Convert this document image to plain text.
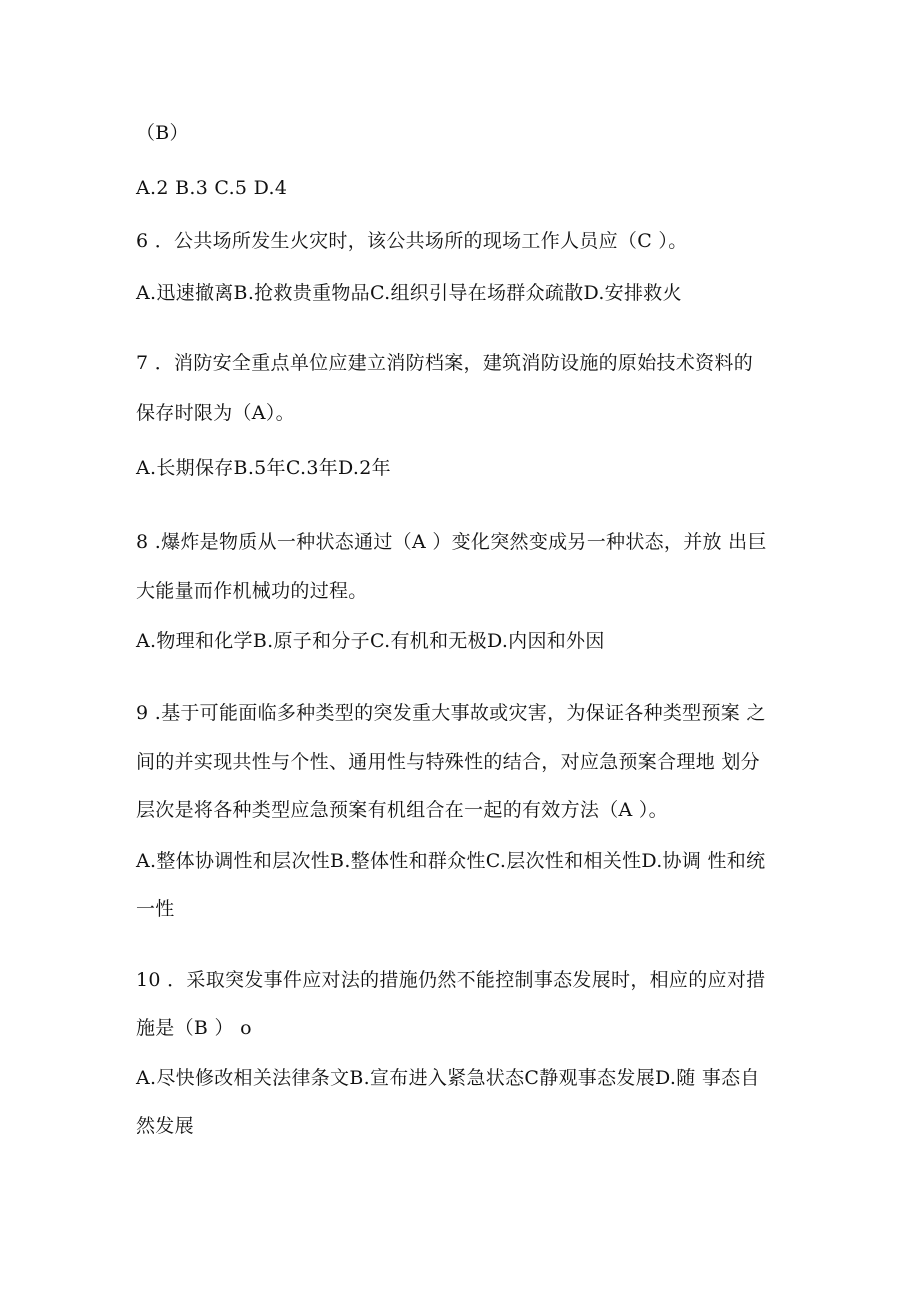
（B）
A.2 B.3 C.5 D.4
6 ．公共场所发生火灾时，该公共场所的现场工作人员应（C ）。
A.迅速撤离B.抢救贵重物品C.组织引导在场群众疏散D.安排救火
7 ．消防安全重点单位应建立消防档案，建筑消防设施的原始技术资料的
保存时限为（A）。
A.长期保存B.5年C.3年D.2年
8 .爆炸是物质从一种状态通过（A ）变化突然变成另一种状态，并放 出巨
大能量而作机械功的过程。
A.物理和化学B.原子和分子C.有机和无极D.内因和外因
9 .基于可能面临多种类型的突发重大事故或灾害，为保证各种类型预案 之
间的并实现共性与个性、通用性与特殊性的结合，对应急预案合理地 划分
层次是将各种类型应急预案有机组合在一起的有效方法（A ）。
A.整体协调性和层次性B.整体性和群众性C.层次性和相关性D.协调 性和统
一性
10 ．采取突发事件应对法的措施仍然不能控制事态发展时，相应的应对措
施是（B ） o
A.尽快修改相关法律条文B.宣布进入紧急状态C静观事态发展D.随 事态自
然发展
